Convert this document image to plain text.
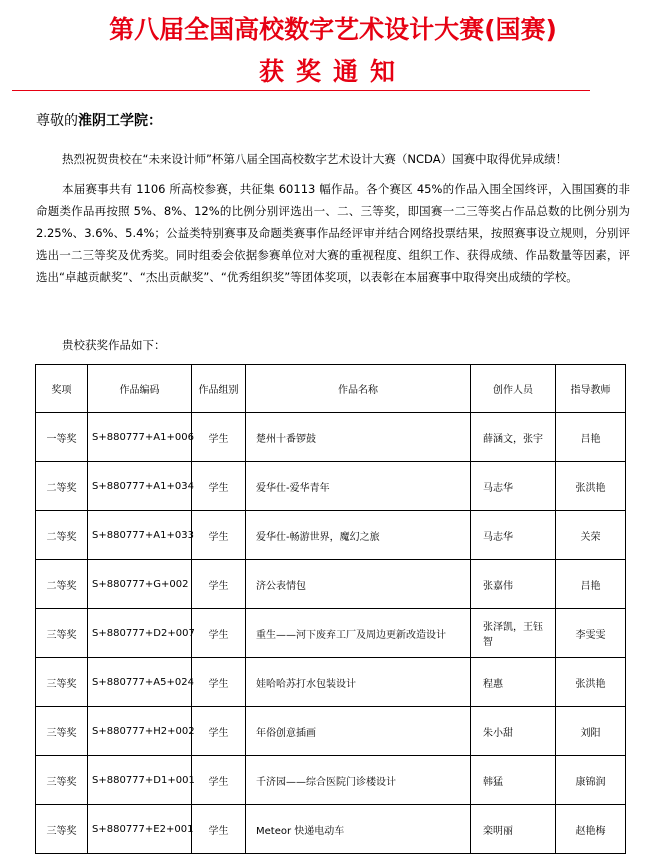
第八届全国高校数字艺术设计大赛(国赛)
获奖通知
尊敬的淮阴工学院：
热烈祝贺贵校在“未来设计师”杯第八届全国高校数字艺术设计大赛（NCDA）国赛中取得优异成绩！
本届赛事共有 1106 所高校参赛，共征集 60113 幅作品。各个赛区 45%的作品入围全国终评，入围国赛的非命题类作品再按照 5%、8%、12%的比例分别评选出一、二、三等奖，即国赛一二三等奖占作品总数的比例分别为 2.25%、3.6%、5.4%；公益类特别赛事及命题类赛事作品经评审并结合网络投票结果，按照赛事设立规则，分别评选出一二三等奖及优秀奖。同时组委会依据参赛单位对大赛的重视程度、组织工作、获得成绩、作品数量等因素，评选出“卓越贡献奖”、“杰出贡献奖”、“优秀组织奖”等团体奖项，以表彰在本届赛事中取得突出成绩的学校。
贵校获奖作品如下：
奖项	作品编码	作品组别	作品名称	创作人员	指导教师
一等奖	S+880777+A1+006	学生	楚州十番锣鼓	薛涵文，张宇	吕艳
二等奖	S+880777+A1+034	学生	爱华仕-爱华青年	马志华	张洪艳
二等奖	S+880777+A1+033	学生	爱华仕-畅游世界，魔幻之旅	马志华	关荣
二等奖	S+880777+G+002	学生	济公表情包	张嘉伟	吕艳
三等奖	S+880777+D2+007	学生	重生——河下废弃工厂及周边更新改造设计	张泽凯，王钰智	李雯雯
三等奖	S+880777+A5+024	学生	娃哈哈苏打水包装设计	程惠	张洪艳
三等奖	S+880777+H2+002	学生	年俗创意插画	朱小甜	刘阳
三等奖	S+880777+D1+001	学生	千济园——综合医院门诊楼设计	韩猛	康锦润
三等奖	S+880777+E2+001	学生	Meteor 快递电动车	栾明丽	赵艳梅
